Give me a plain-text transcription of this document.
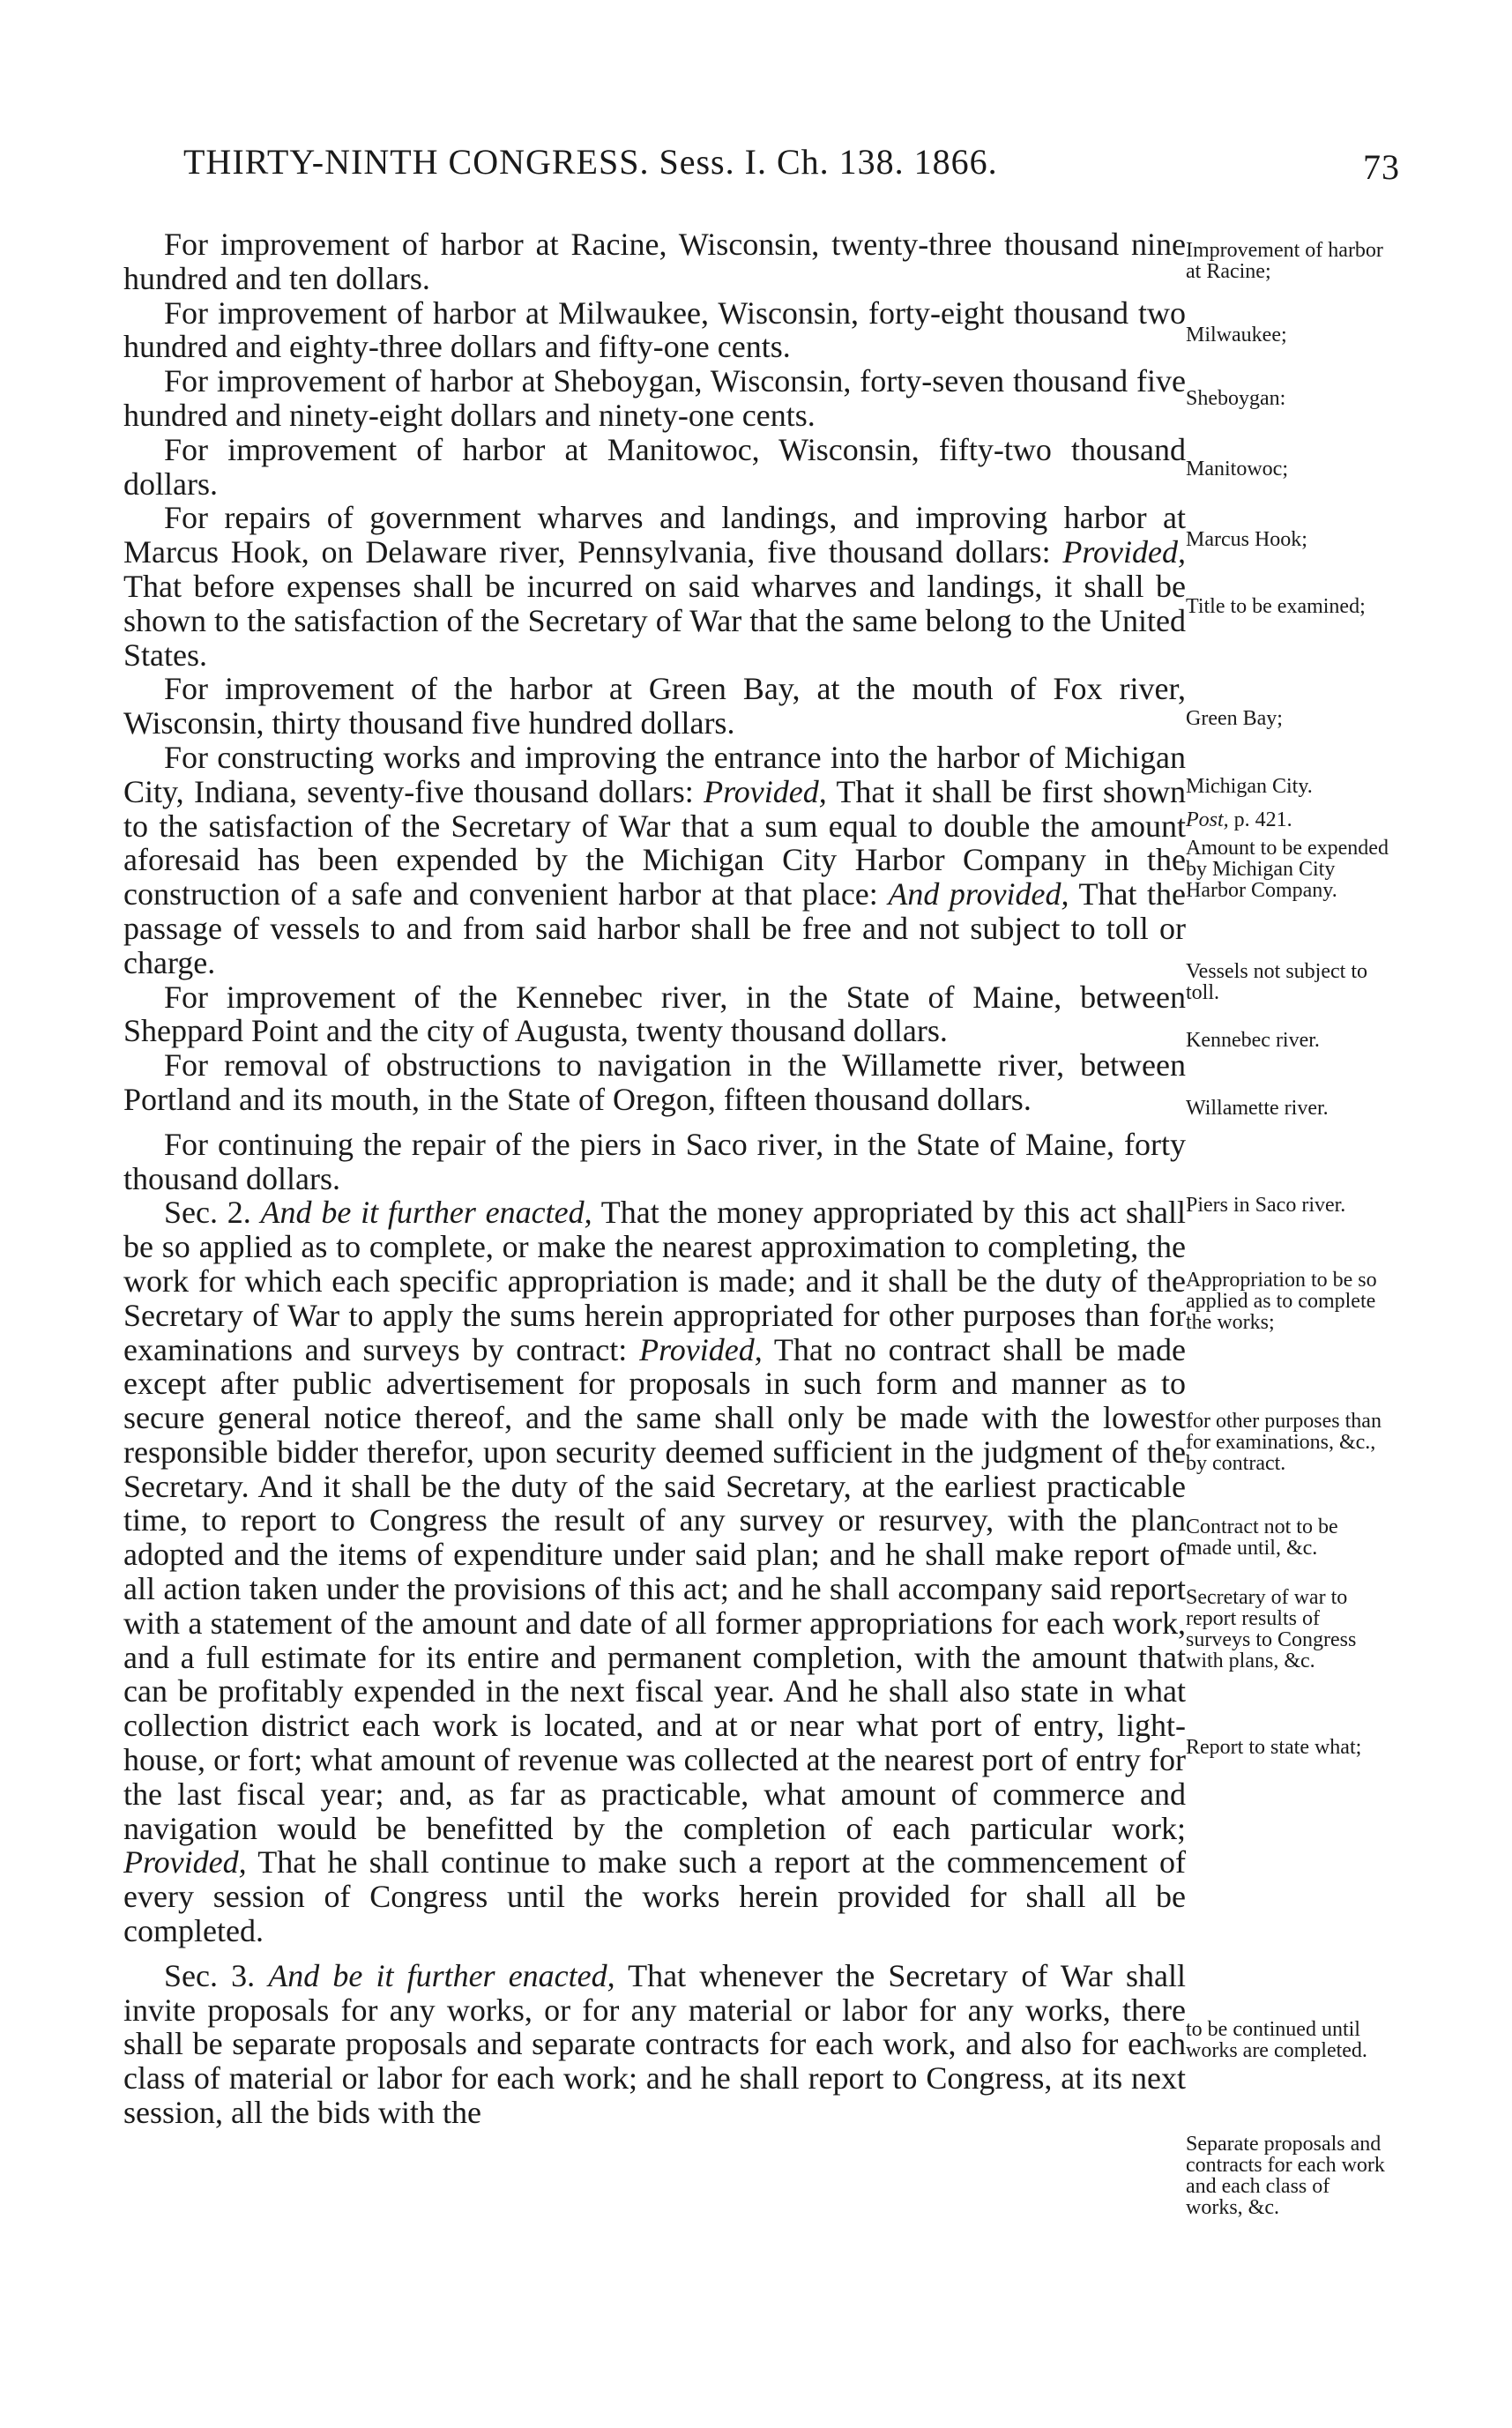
THIRTY-NINTH CONGRESS. Sess. I. Ch. 138. 1866.	73

For improvement of harbor at Racine, Wisconsin, twenty-three thousand nine hundred and ten dollars.

For improvement of harbor at Milwaukee, Wisconsin, forty-eight thousand two hundred and eighty-three dollars and fifty-one cents.

For improvement of harbor at Sheboygan, Wisconsin, forty-seven thousand five hundred and ninety-eight dollars and ninety-one cents.

For improvement of harbor at Manitowoc, Wisconsin, fifty-two thousand dollars.

For repairs of government wharves and landings, and improving harbor at Marcus Hook, on Delaware river, Pennsylvania, five thousand dollars: Provided, That before expenses shall be incurred on said wharves and landings, it shall be shown to the satisfaction of the Secretary of War that the same belong to the United States.

For improvement of the harbor at Green Bay, at the mouth of Fox river, Wisconsin, thirty thousand five hundred dollars.

For constructing works and improving the entrance into the harbor of Michigan City, Indiana, seventy-five thousand dollars: Provided, That it shall be first shown to the satisfaction of the Secretary of War that a sum equal to double the amount aforesaid has been expended by the Michigan City Harbor Company in the construction of a safe and convenient harbor at that place: And provided, That the passage of vessels to and from said harbor shall be free and not subject to toll or charge.

For improvement of the Kennebec river, in the State of Maine, between Sheppard Point and the city of Augusta, twenty thousand dollars.

For removal of obstructions to navigation in the Willamette river, between Portland and its mouth, in the State of Oregon, fifteen thousand dollars.

For continuing the repair of the piers in Saco river, in the State of Maine, forty thousand dollars.

Sec. 2. And be it further enacted, That the money appropriated by this act shall be so applied as to complete, or make the nearest approximation to completing, the work for which each specific appropriation is made; and it shall be the duty of the Secretary of War to apply the sums herein appropriated for other purposes than for examinations and surveys by contract: Provided, That no contract shall be made except after public advertisement for proposals in such form and manner as to secure general notice thereof, and the same shall only be made with the lowest responsible bidder therefor, upon security deemed sufficient in the judgment of the Secretary. And it shall be the duty of the said Secretary, at the earliest practicable time, to report to Congress the result of any survey or resurvey, with the plan adopted and the items of expenditure under said plan; and he shall make report of all action taken under the provisions of this act; and he shall accompany said report with a statement of the amount and date of all former appropriations for each work, and a full estimate for its entire and permanent completion, with the amount that can be profitably expended in the next fiscal year. And he shall also state in what collection district each work is located, and at or near what port of entry, light-house, or fort; what amount of revenue was collected at the nearest port of entry for the last fiscal year; and, as far as practicable, what amount of commerce and navigation would be benefitted by the completion of each particular work; Provided, That he shall continue to make such a report at the commencement of every session of Congress until the works herein provided for shall all be completed.

Sec. 3. And be it further enacted, That whenever the Secretary of War shall invite proposals for any works, or for any material or labor for any works, there shall be separate proposals and separate contracts for each work, and also for each class of material or labor for each work; and he shall report to Congress, at its next session, all the bids with the

Improvement of harbor at Racine;
Milwaukee;
Sheboygan:
Manitowoc;
Marcus Hook;
Title to be examined;
Green Bay;
Michigan City.
Post, p. 421.
Amount to be expended by Michigan City Harbor Company.
Vessels not subject to toll.
Kennebec river.
Willamette river.
Piers in Saco river.
Appropriation to be so applied as to complete the works;
for other purposes than for examinations, &c., by contract.
Contract not to be made until, &c.
Secretary of war to report results of surveys to Congress with plans, &c.
Report to state what;
to be continued until works are completed.
Separate proposals and contracts for each work and each class of works, &c.
